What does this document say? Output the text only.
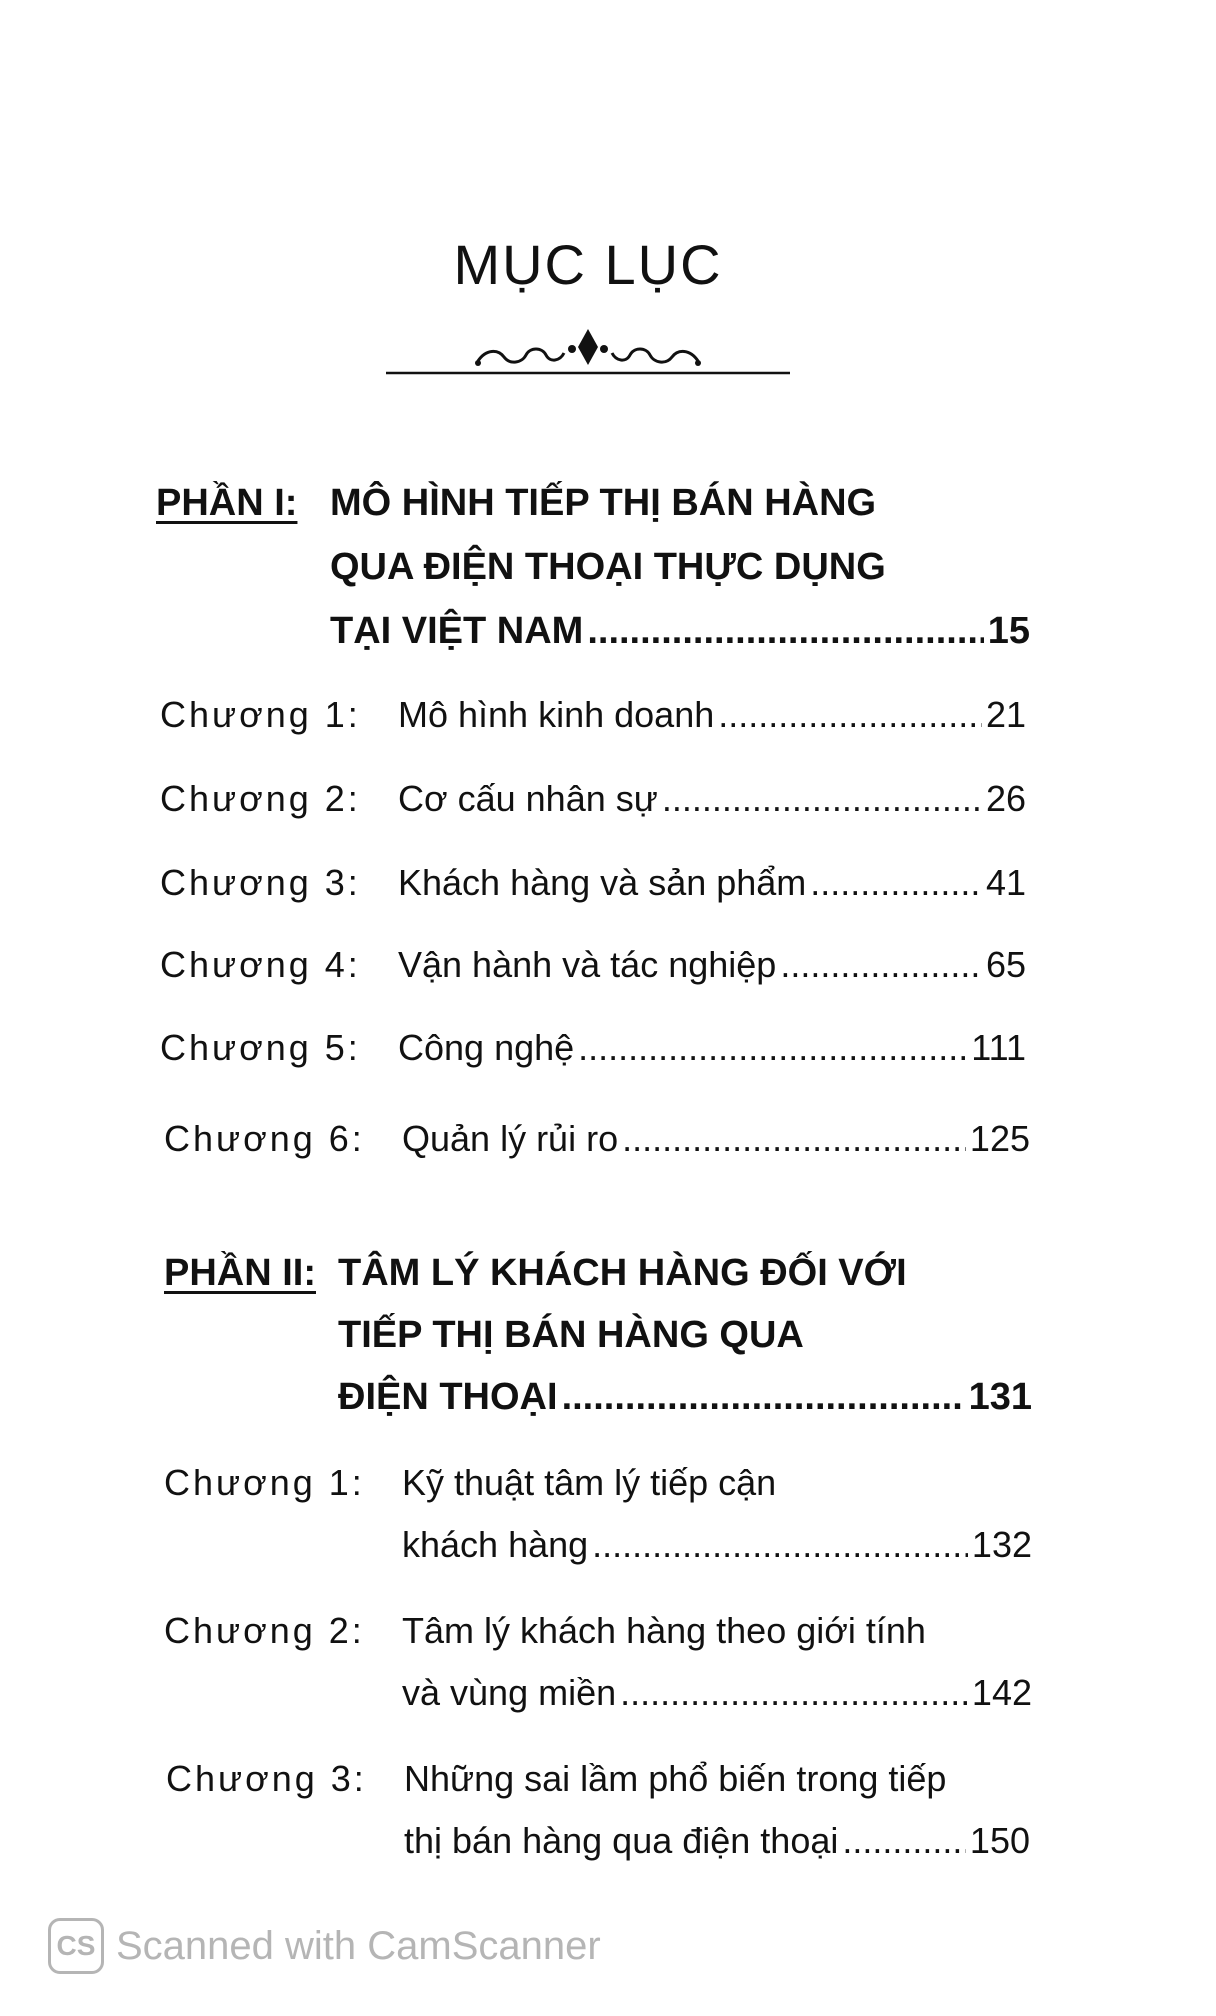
MỤC LỤC
PHẦN I: MÔ HÌNH TIẾP THỊ BÁN HÀNG
QUA ĐIỆN THOẠI THỰC DỤNG
TẠI VIỆT NAM .....	15
Chương 1: Mô hình kinh doanh .....	21
Chương 2: Cơ cấu nhân sự .....	26
Chương 3: Khách hàng và sản phẩm .....	41
Chương 4: Vận hành và tác nghiệp .....	65
Chương 5: Công nghệ .....	111
Chương 6: Quản lý rủi ro .....	125
PHẦN II: TÂM LÝ KHÁCH HÀNG ĐỐI VỚI
TIẾP THỊ BÁN HÀNG QUA
ĐIỆN THOẠI .....	131
Chương 1: Kỹ thuật tâm lý tiếp cận
khách hàng .....	132
Chương 2: Tâm lý khách hàng theo giới tính
và vùng miền .....	142
Chương 3: Những sai lầm phổ biến trong tiếp
thị bán hàng qua điện thoại .....	150
CS Scanned with CamScanner
